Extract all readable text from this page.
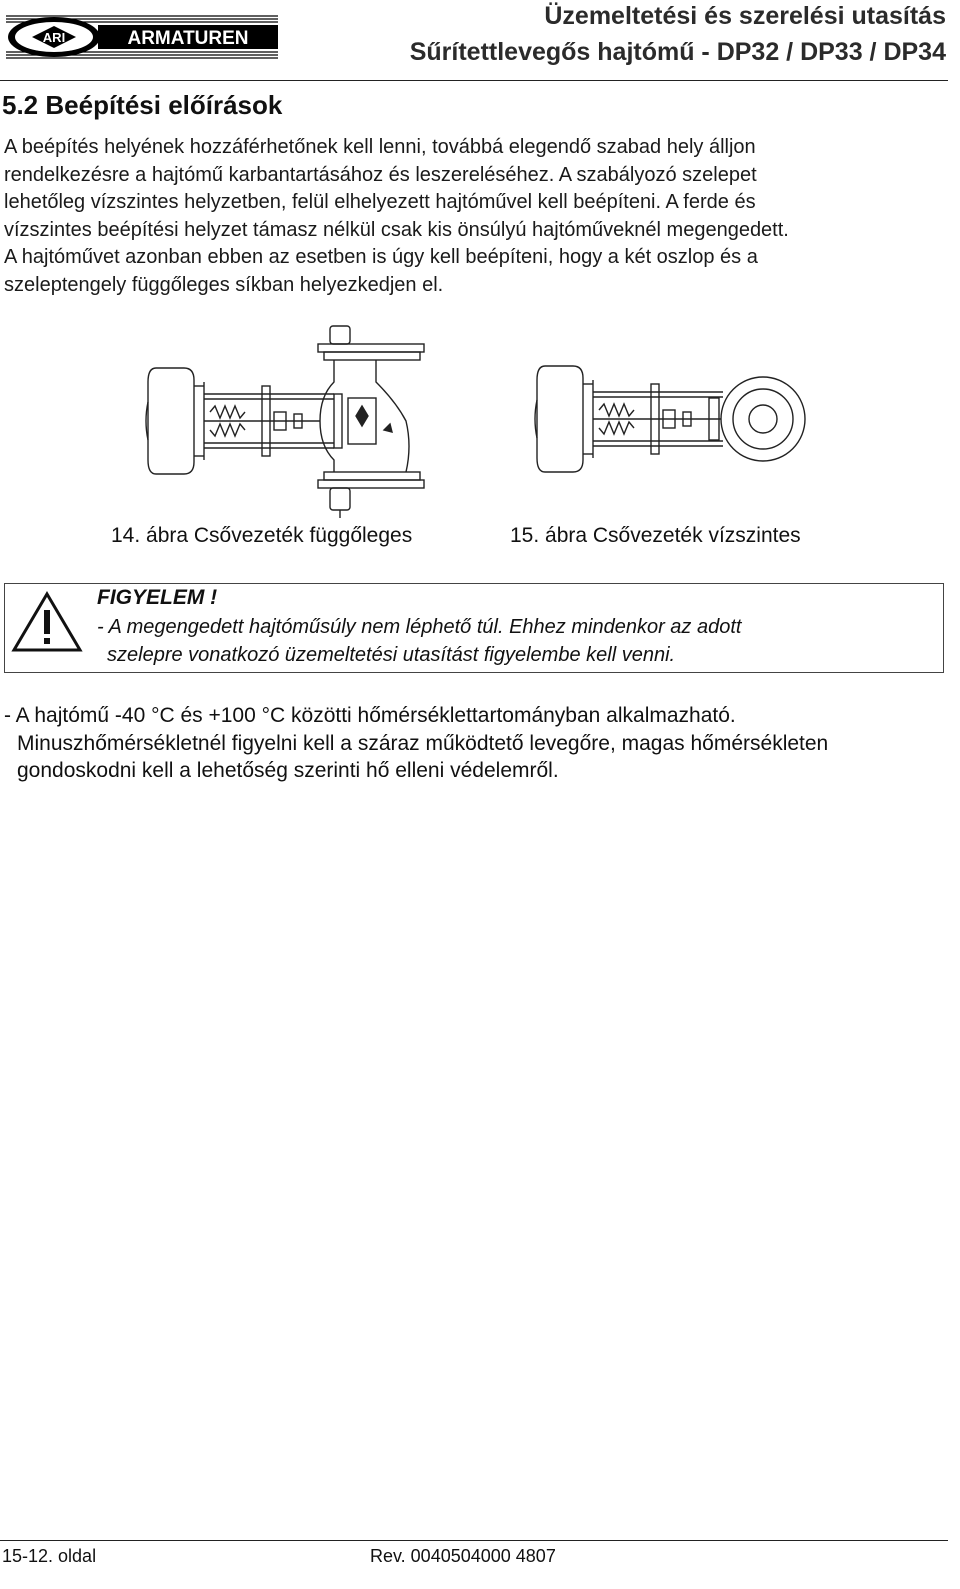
ARMATUREN
ARI
Üzemeltetési és szerelési utasítás
Sűrítettlevegős hajtómű - DP32 / DP33 / DP34
5.2 Beépítési előírások
A beépítés helyének hozzáférhetőnek kell lenni, továbbá elegendő szabad hely álljon
rendelkezésre a hajtómű karbantartásához és leszereléséhez. A szabályozó szelepet
lehetőleg vízszintes helyzetben, felül elhelyezett hajtóművel kell beépíteni. A ferde és
vízszintes beépítési helyzet támasz nélkül csak kis önsúlyú hajtóműveknél megengedett.
A hajtóművet azonban ebben az esetben is úgy kell beépíteni, hogy a két oszlop és a
szeleptengely függőleges síkban helyezkedjen el.
14. ábra Csővezeték függőleges	15. ábra Csővezeték vízszintes
FIGYELEM !
- A megengedett hajtóműsúly nem léphető túl. Ehhez mindenkor az adott
szelepre vonatkozó üzemeltetési utasítást figyelembe kell venni.

- A hajtómű -40 °C és +100 °C közötti hőmérséklettartományban alkalmazható.

Minuszhőmérsékletnél figyelni kell a száraz működtető levegőre, magas hőmérsékleten

gondoskodni kell a lehetőség szerinti hő elleni védelemről.

15-12. oldal	Rev. 0040504000 4807
